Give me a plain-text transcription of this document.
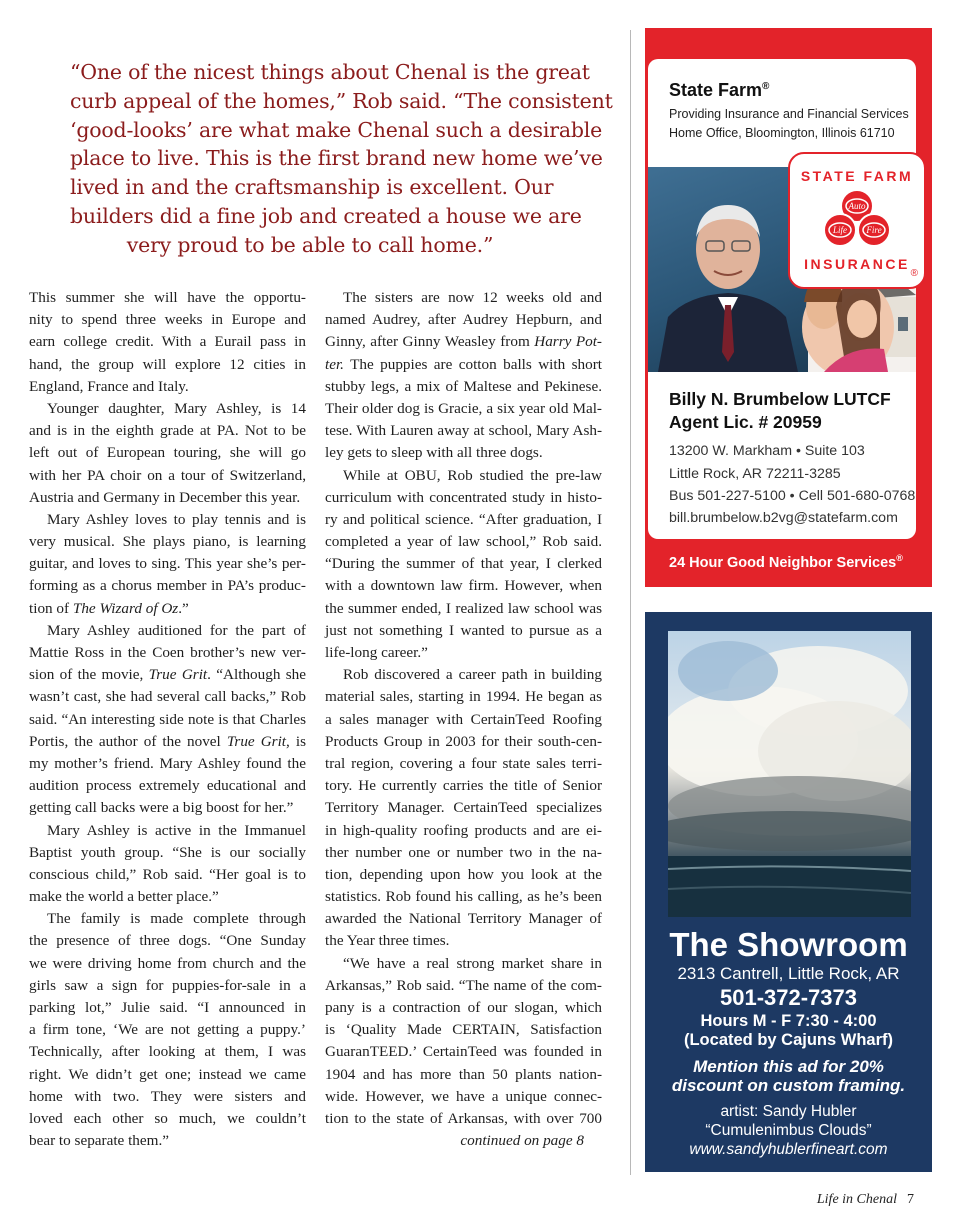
“One of the nicest things about Chenal is the great
curb appeal of the homes,” Rob said. “The consistent
‘good-looks’ are what make Chenal such a desirable
place to live. This is the first brand new home we’ve
lived in and the craftsmanship is excellent. Our
builders did a fine job and created a house we are
very proud to be able to call home.”
This summer she will have the opportu-
nity to spend three weeks in Europe and
earn college credit. With a Eurail pass in
hand, the group will explore 12 cities in
England, France and Italy.
Younger daughter, Mary Ashley, is 14
and is in the eighth grade at PA. Not to be
left out of European touring, she will go
with her PA choir on a tour of Switzerland,
Austria and Germany in December this year.
Mary Ashley loves to play tennis and is
very musical. She plays piano, is learning
guitar, and loves to sing. This year she’s per-
forming as a chorus member in PA’s produc-
tion of The Wizard of Oz.”
Mary Ashley auditioned for the part of
Mattie Ross in the Coen brother’s new ver-
sion of the movie, True Grit. “Although she
wasn’t cast, she had several call backs,” Rob
said. “An interesting side note is that Charles
Portis, the author of the novel True Grit, is
my mother’s friend. Mary Ashley found the
audition process extremely educational and
getting call backs were a big boost for her.”
Mary Ashley is active in the Immanuel
Baptist youth group. “She is our socially
conscious child,” Rob said. “Her goal is to
make the world a better place.”
The family is made complete through
the presence of three dogs. “One Sunday
we were driving home from church and the
girls saw a sign for puppies-for-sale in a
parking lot,” Julie said. “I announced in
a firm tone, ‘We are not getting a puppy.’
Technically, after looking at them, I was
right. We didn’t get one; instead we came
home with two. They were sisters and
loved each other so much, we couldn’t
bear to separate them.”
The sisters are now 12 weeks old and
named Audrey, after Audrey Hepburn, and
Ginny, after Ginny Weasley from Harry Pot-
ter. The puppies are cotton balls with short
stubby legs, a mix of Maltese and Pekinese.
Their older dog is Gracie, a six year old Mal-
tese. With Lauren away at school, Mary Ash-
ley gets to sleep with all three dogs.
While at OBU, Rob studied the pre-law
curriculum with concentrated study in histo-
ry and political science. “After graduation, I
completed a year of law school,” Rob said.
“During the summer of that year, I clerked
with a downtown law firm. However, when
the summer ended, I realized law school was
just not something I wanted to pursue as a
life-long career.”
Rob discovered a career path in building
material sales, starting in 1994. He began as
a sales manager with CertainTeed Roofing
Products Group in 2003 for their south-cen-
tral region, covering a four state sales terri-
tory. He currently carries the title of Senior
Territory Manager. CertainTeed specializes
in high-quality roofing products and are ei-
ther number one or number two in the na-
tion, depending upon how you look at the
statistics. Rob found his calling, as he’s been
awarded the National Territory Manager of
the Year three times.
“We have a real strong market share in
Arkansas,” Rob said. “The name of the com-
pany is a contraction of our slogan, which
is ‘Quality Made CERTAIN, Satisfaction
GuaranTEED.’ CertainTeed was founded in
1904 and has more than 50 plants nation-
wide. However, we have a unique connec-
tion to the state of Arkansas, with over 700
continued on page 8
State Farm®
Providing Insurance and Financial Services
Home Office, Bloomington, Illinois 61710
STATE FARM
Auto
Life Fire
INSURANCE
®
Billy N. Brumbelow LUTCF
Agent Lic. # 20959
13200 W. Markham • Suite 103
Little Rock, AR 72211-3285
Bus 501-227-5100 • Cell 501-680-0768
bill.brumbelow.b2vg@statefarm.com
24 Hour Good Neighbor Services®
The Showroom
2313 Cantrell, Little Rock, AR
501-372-7373
Hours M - F 7:30 - 4:00
(Located by Cajuns Wharf)
Mention this ad for 20%
discount on custom framing.
artist: Sandy Hubler
“Cumulenimbus Clouds”
www.sandyhublerfineart.com
Life in Chenal 7
